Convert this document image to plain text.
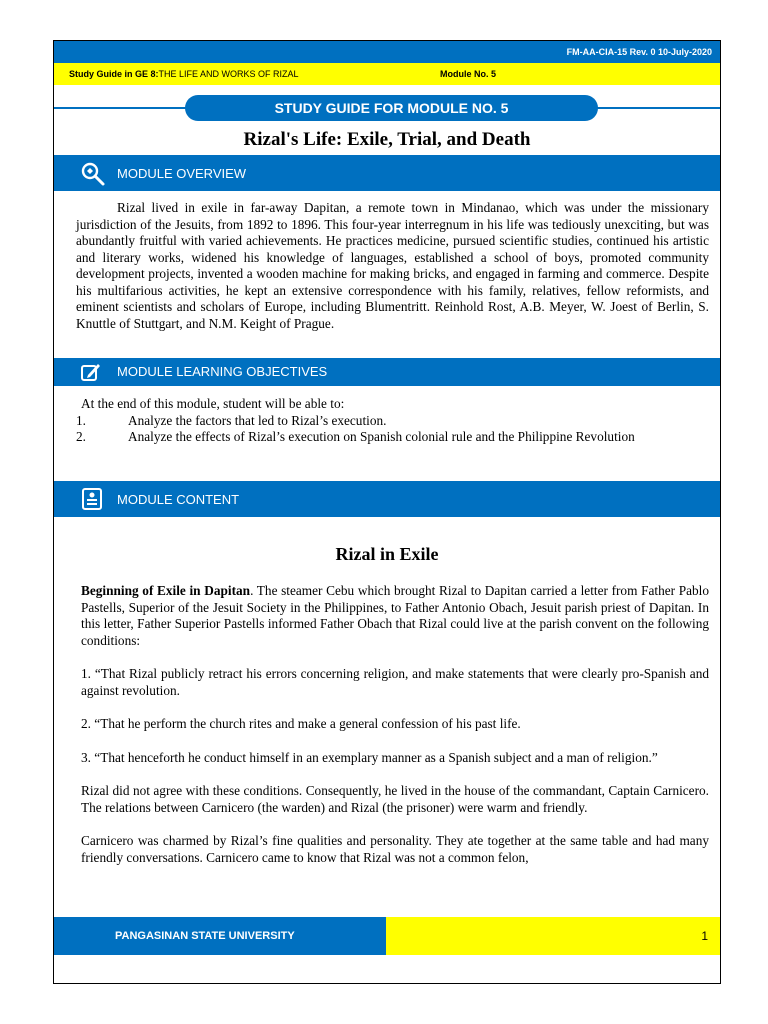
FM-AA-CIA-15 Rev. 0 10-July-2020
Study Guide in GE 8:THE LIFE AND WORKS OF RIZAL	Module No. 5
STUDY GUIDE FOR MODULE NO. 5
Rizal's Life: Exile, Trial, and Death
MODULE OVERVIEW
Rizal lived in exile in far-away Dapitan, a remote town in Mindanao, which was under the missionary jurisdiction of the Jesuits, from 1892 to 1896. This four-year interregnum in his life was tediously unexciting, but was abundantly fruitful with varied achievements. He practices medicine, pursued scientific studies, continued his artistic and literary works, widened his knowledge of languages, established a school of boys, promoted community development projects, invented a wooden machine for making bricks, and engaged in farming and commerce. Despite his multifarious activities, he kept an extensive correspondence with his family, relatives, fellow reformists, and eminent scientists and scholars of Europe, including Blumentritt. Reinhold Rost, A.B. Meyer, W. Joest of Berlin, S. Knuttle of Stuttgart, and N.M. Keight of Prague.
MODULE LEARNING OBJECTIVES
At the end of this module, student will be able to:
1.	Analyze the factors that led to Rizal’s execution.
2.	Analyze the effects of Rizal’s execution on Spanish colonial rule and the Philippine Revolution
MODULE CONTENT
Rizal in Exile

Beginning of Exile in Dapitan. The steamer Cebu which brought Rizal to Dapitan carried a letter from Father Pablo Pastells, Superior of the Jesuit Society in the Philippines, to Father Antonio Obach, Jesuit parish priest of Dapitan. In this letter, Father Superior Pastells informed Father Obach that Rizal could live at the parish convent on the following conditions:

1. “That Rizal publicly retract his errors concerning religion, and make statements that were clearly pro-Spanish and against revolution.

2. “That he perform the church rites and make a general confession of his past life.

3. “That henceforth he conduct himself in an exemplary manner as a Spanish subject and a man of religion.”

Rizal did not agree with these conditions. Consequently, he lived in the house of the commandant, Captain Carnicero. The relations between Carnicero (the warden) and Rizal (the prisoner) were warm and friendly.

Carnicero was charmed by Rizal’s fine qualities and personality. They ate together at the same table and had many friendly conversations. Carnicero came to know that Rizal was not a common felon,

PANGASINAN STATE UNIVERSITY	1
